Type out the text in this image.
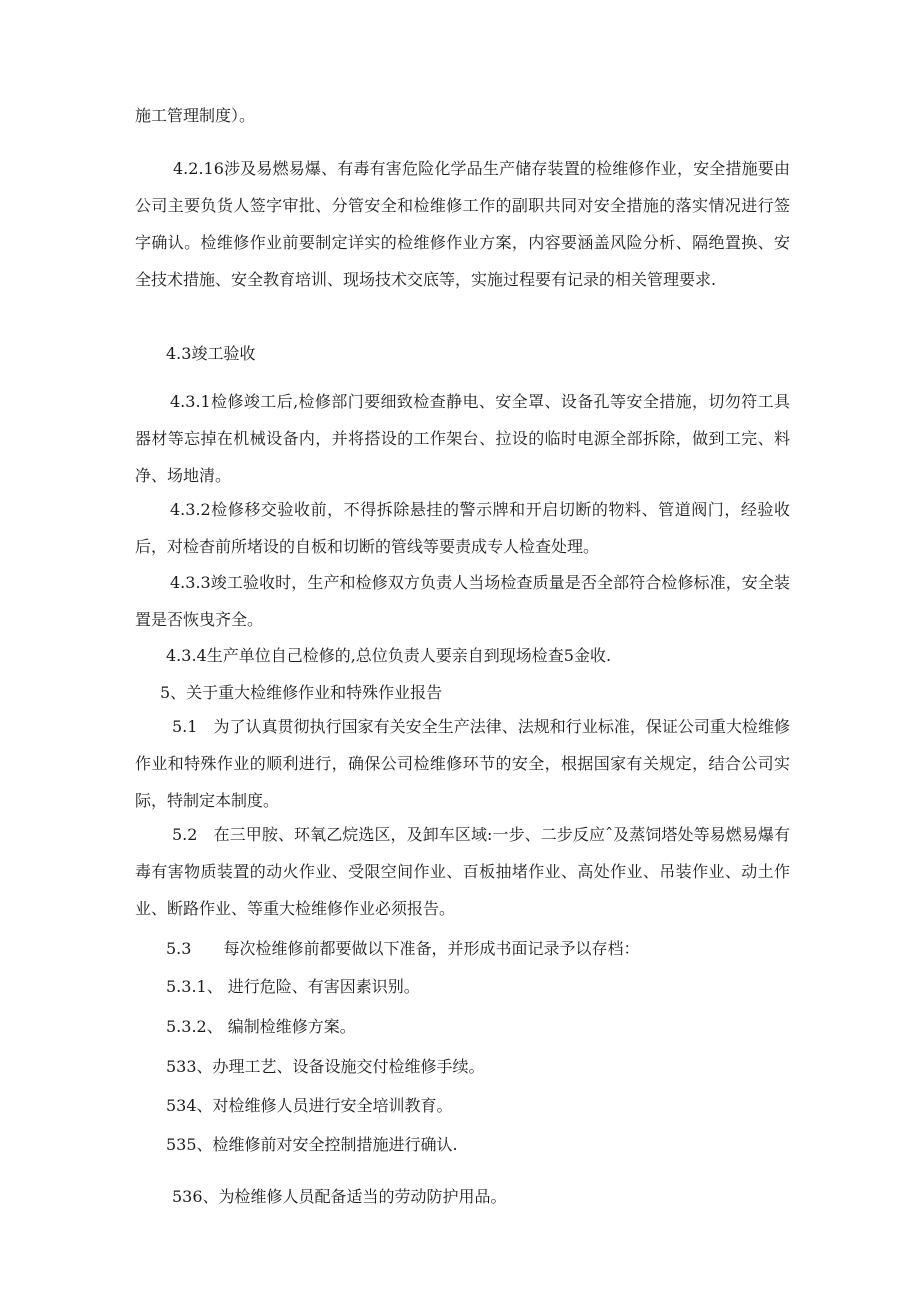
施工管理制度）。

4.2.16涉及易燃易爆、有毒有害危险化学品生产储存装置的检维修作业，安全措施要由公司主要负货人签字审批、分管安全和检维修工作的副职共同对安全措施的落实情况进行签字确认。检维修作业前要制定详实的检维修作业方案，内容要涵盖风险分析、隔绝置换、安全技术措施、安全教育培训、现场技术交底等，实施过程要有记录的相关管理要求.

4.3竣工验收

4.3.1检修竣工后,检修部门要细致检查静电、安全罩、设备孔等安全措施，切勿符工具器材等忘掉在机械设备内，并将搭设的工作架台、拉设的临时电源全部拆除，做到工完、料净、场地清。

4.3.2检修移交验收前，不得拆除悬挂的警示牌和开启切断的物料、管道阀门，经验收后，对检杳前所堵设的自板和切断的管线等要责成专人检查处理。

4.3.3竣工验收时，生产和检修双方负责人当场检查质量是否全部符合检修标准，安全装置是否恢曳齐全。

4.3.4生产单位自己检修的,总位负责人要亲自到现场检查5金收.

5、关于重大检维修作业和特殊作业报告

5.1　为了认真贯彻执行国家有关安全生产法律、法规和行业标准，保证公司重大检维修作业和特殊作业的顺利进行，确保公司检维修环节的安全，根据国家有关规定，结合公司实际，特制定本制度。

5.2　在三甲胺、环氧乙烷选区，及卸车区域:一步、二步反应ˆ及蒸饲塔处等易燃易爆有毒有害物质装置的动火作业、受限空间作业、百板抽堵作业、高处作业、吊装作业、动土作业、断路作业、等重大检维修作业必须报告。

5.3　　每次检维修前都要做以下准备，并形成书面记录予以存档：

5.3.1、 进行危险、有害因素识别。

5.3.2、 编制检维修方案。

533、办理工艺、设备设施交付检维修手续。

534、对检维修人员进行安全培训教育。

535、检维修前对安全控制措施进行确认.

536、为检维修人员配备适当的劳动防护用品。
